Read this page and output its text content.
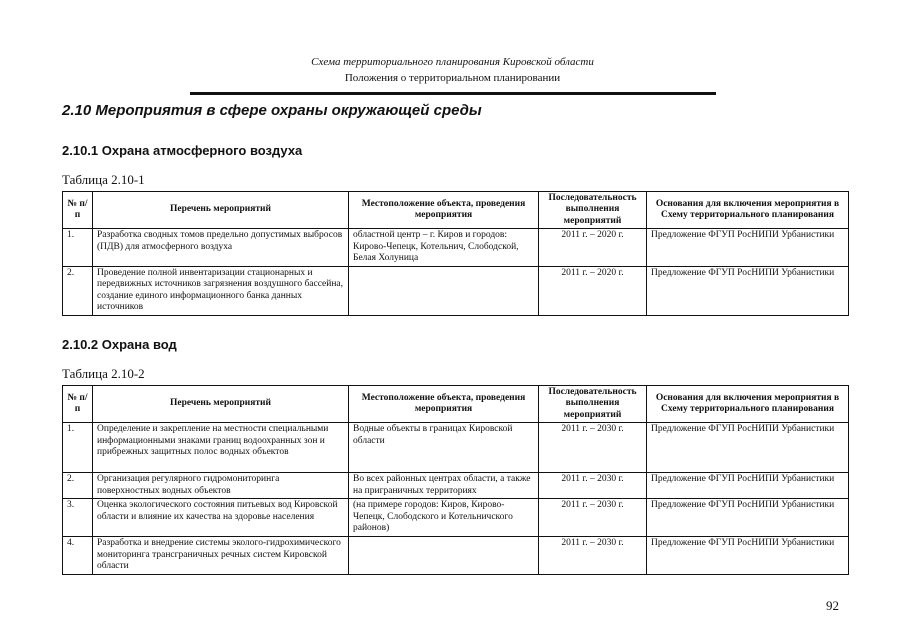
Схема территориального планирования Кировской области
Положения о территориальном планировании
2.10 Мероприятия в сфере охраны окружающей среды
2.10.1 Охрана атмосферного воздуха
Таблица 2.10-1
№ п/п	Перечень мероприятий	Местоположение объекта, проведения мероприятия	Последовательность выполнения мероприятий	Основания для включения мероприятия в Схему территориального планирования
1.	Разработка сводных томов предельно допустимых выбросов (ПДВ) для атмосферного воздуха	областной центр – г. Киров и городов: Кирово-Чепецк, Котельнич, Слободской, Белая Холуница	2011 г. – 2020 г.	Предложение ФГУП РосНИПИ Урбанистики
2.	Проведение полной инвентаризации стационарных и передвижных источников загрязнения воздушного бассейна, создание единого информационного банка данных источников		2011 г. – 2020 г.	Предложение ФГУП РосНИПИ Урбанистики
2.10.2 Охрана вод
Таблица 2.10-2
№ п/п	Перечень мероприятий	Местоположение объекта, проведения мероприятия	Последовательность выполнения мероприятий	Основания для включения мероприятия в Схему территориального планирования
1.	Определение и закрепление на местности специальными информационными знаками границ водоохранных зон и прибрежных защитных полос водных объектов	Водные объекты в границах Кировской области	2011 г. – 2030 г.	Предложение ФГУП РосНИПИ Урбанистики
2.	Организация регулярного гидромониторинга поверхностных водных объектов	Во всех районных центрах области, а также на приграничных территориях	2011 г. – 2030 г.	Предложение ФГУП РосНИПИ Урбанистики
3.	Оценка экологического состояния питьевых вод Кировской области и влияние их качества на здоровье населения	(на примере городов: Киров, Кирово-Чепецк, Слободского и Котельничского районов)	2011 г. – 2030 г.	Предложение ФГУП РосНИПИ Урбанистики
4.	Разработка и внедрение системы эколого-гидрохимического мониторинга трансграничных речных систем Кировской области		2011 г. – 2030 г.	Предложение ФГУП РосНИПИ Урбанистики
92
